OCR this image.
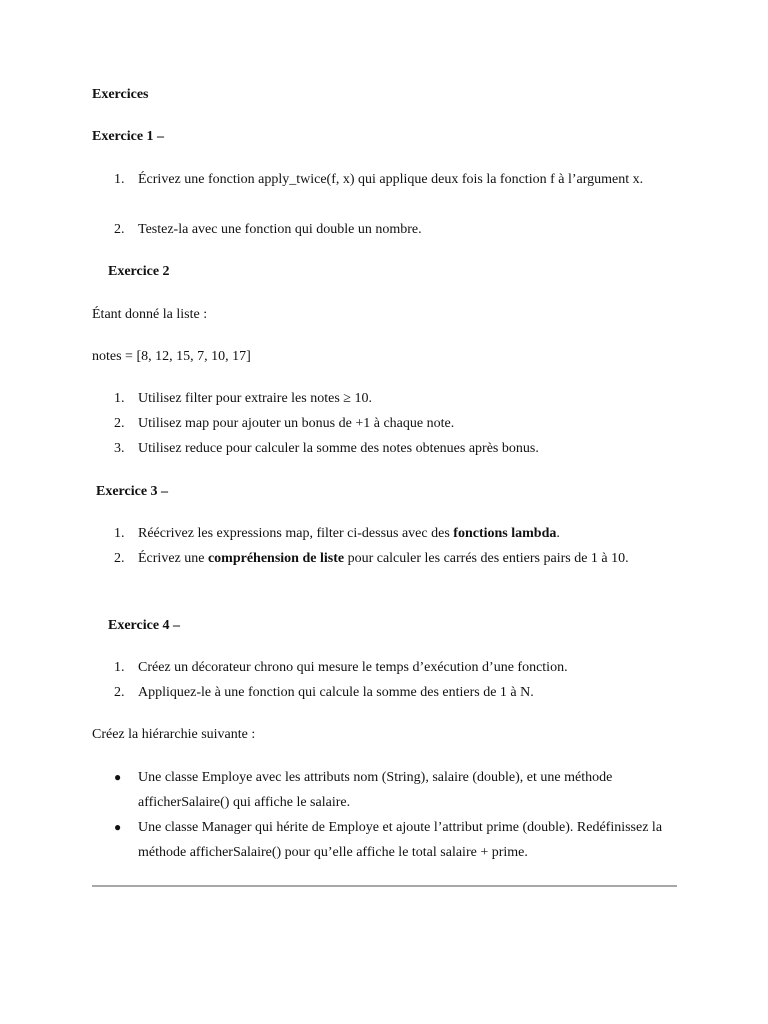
Exercices

Exercice 1 –

1. Écrivez une fonction apply_twice(f, x) qui applique deux fois la fonction f à l’argument x.
2. Testez-la avec une fonction qui double un nombre.

Exercice 2

Étant donné la liste :

notes = [8, 12, 15, 7, 10, 17]

1. Utilisez filter pour extraire les notes ≥ 10.
2. Utilisez map pour ajouter un bonus de +1 à chaque note.
3. Utilisez reduce pour calculer la somme des notes obtenues après bonus.

Exercice 3 –

1. Réécrivez les expressions map, filter ci-dessus avec des fonctions lambda.
2. Écrivez une compréhension de liste pour calculer les carrés des entiers pairs de 1 à 10.

Exercice 4 –

1. Créez un décorateur chrono qui mesure le temps d’exécution d’une fonction.
2. Appliquez-le à une fonction qui calcule la somme des entiers de 1 à N.

Créez la hiérarchie suivante :

●	Une classe Employe avec les attributs nom (String), salaire (double), et une méthode afficherSalaire() qui affiche le salaire.
●	Une classe Manager qui hérite de Employe et ajoute l’attribut prime (double). Redéfinissez la méthode afficherSalaire() pour qu’elle affiche le total salaire + prime.
